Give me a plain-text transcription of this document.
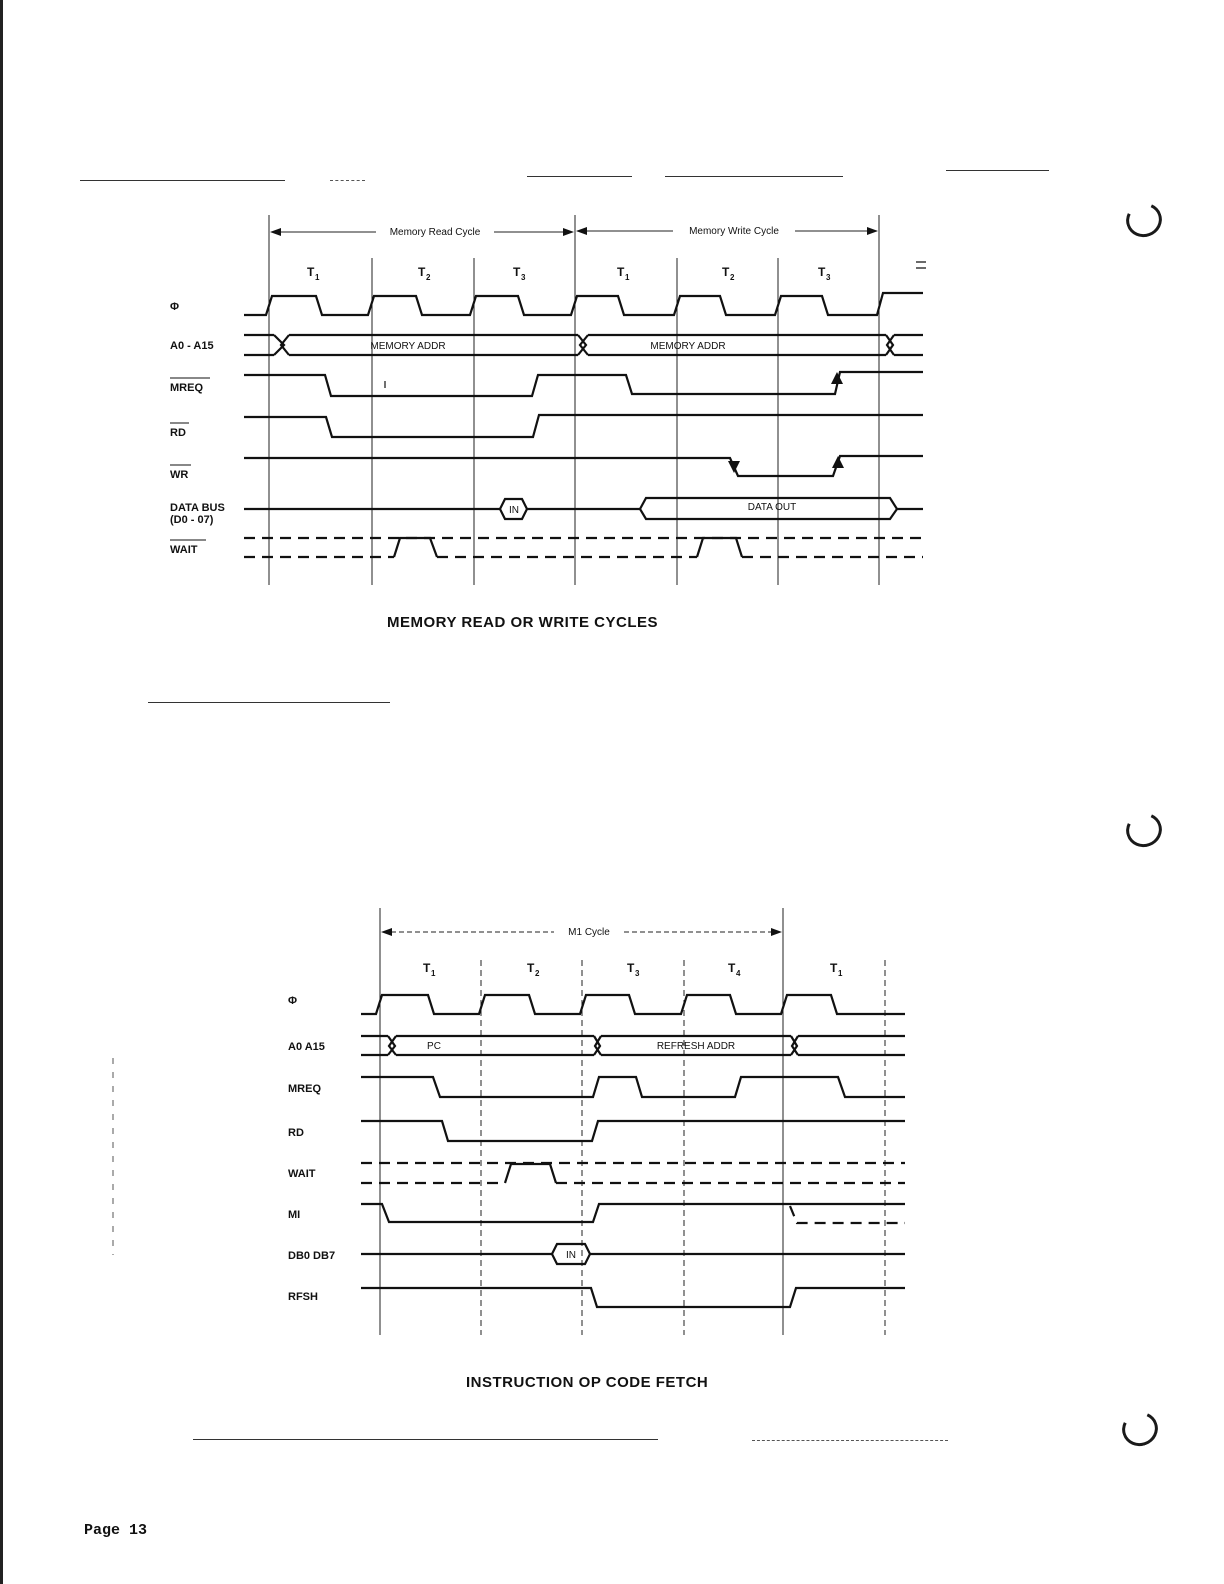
Memory Read Cycle	Memory Write Cycle
T 1	T 2	T 3	T 1	T 2	T 3
Φ
A0 - A15
MREQ
RD
WR
DATA BUS
(D0 - 07)
WAIT
MEMORY ADDR	MEMORY ADDR
IN	DATA OUT
MEMORY READ OR WRITE CYCLES
M1 Cycle
T 1	T 2	T 3	T 4	T 1
Φ
A0 A15
MREQ
RD
WAIT
MI
DB0 DB7
RFSH
PC	REFRESH ADDR
IN
INSTRUCTION OP CODE FETCH
Page 13
